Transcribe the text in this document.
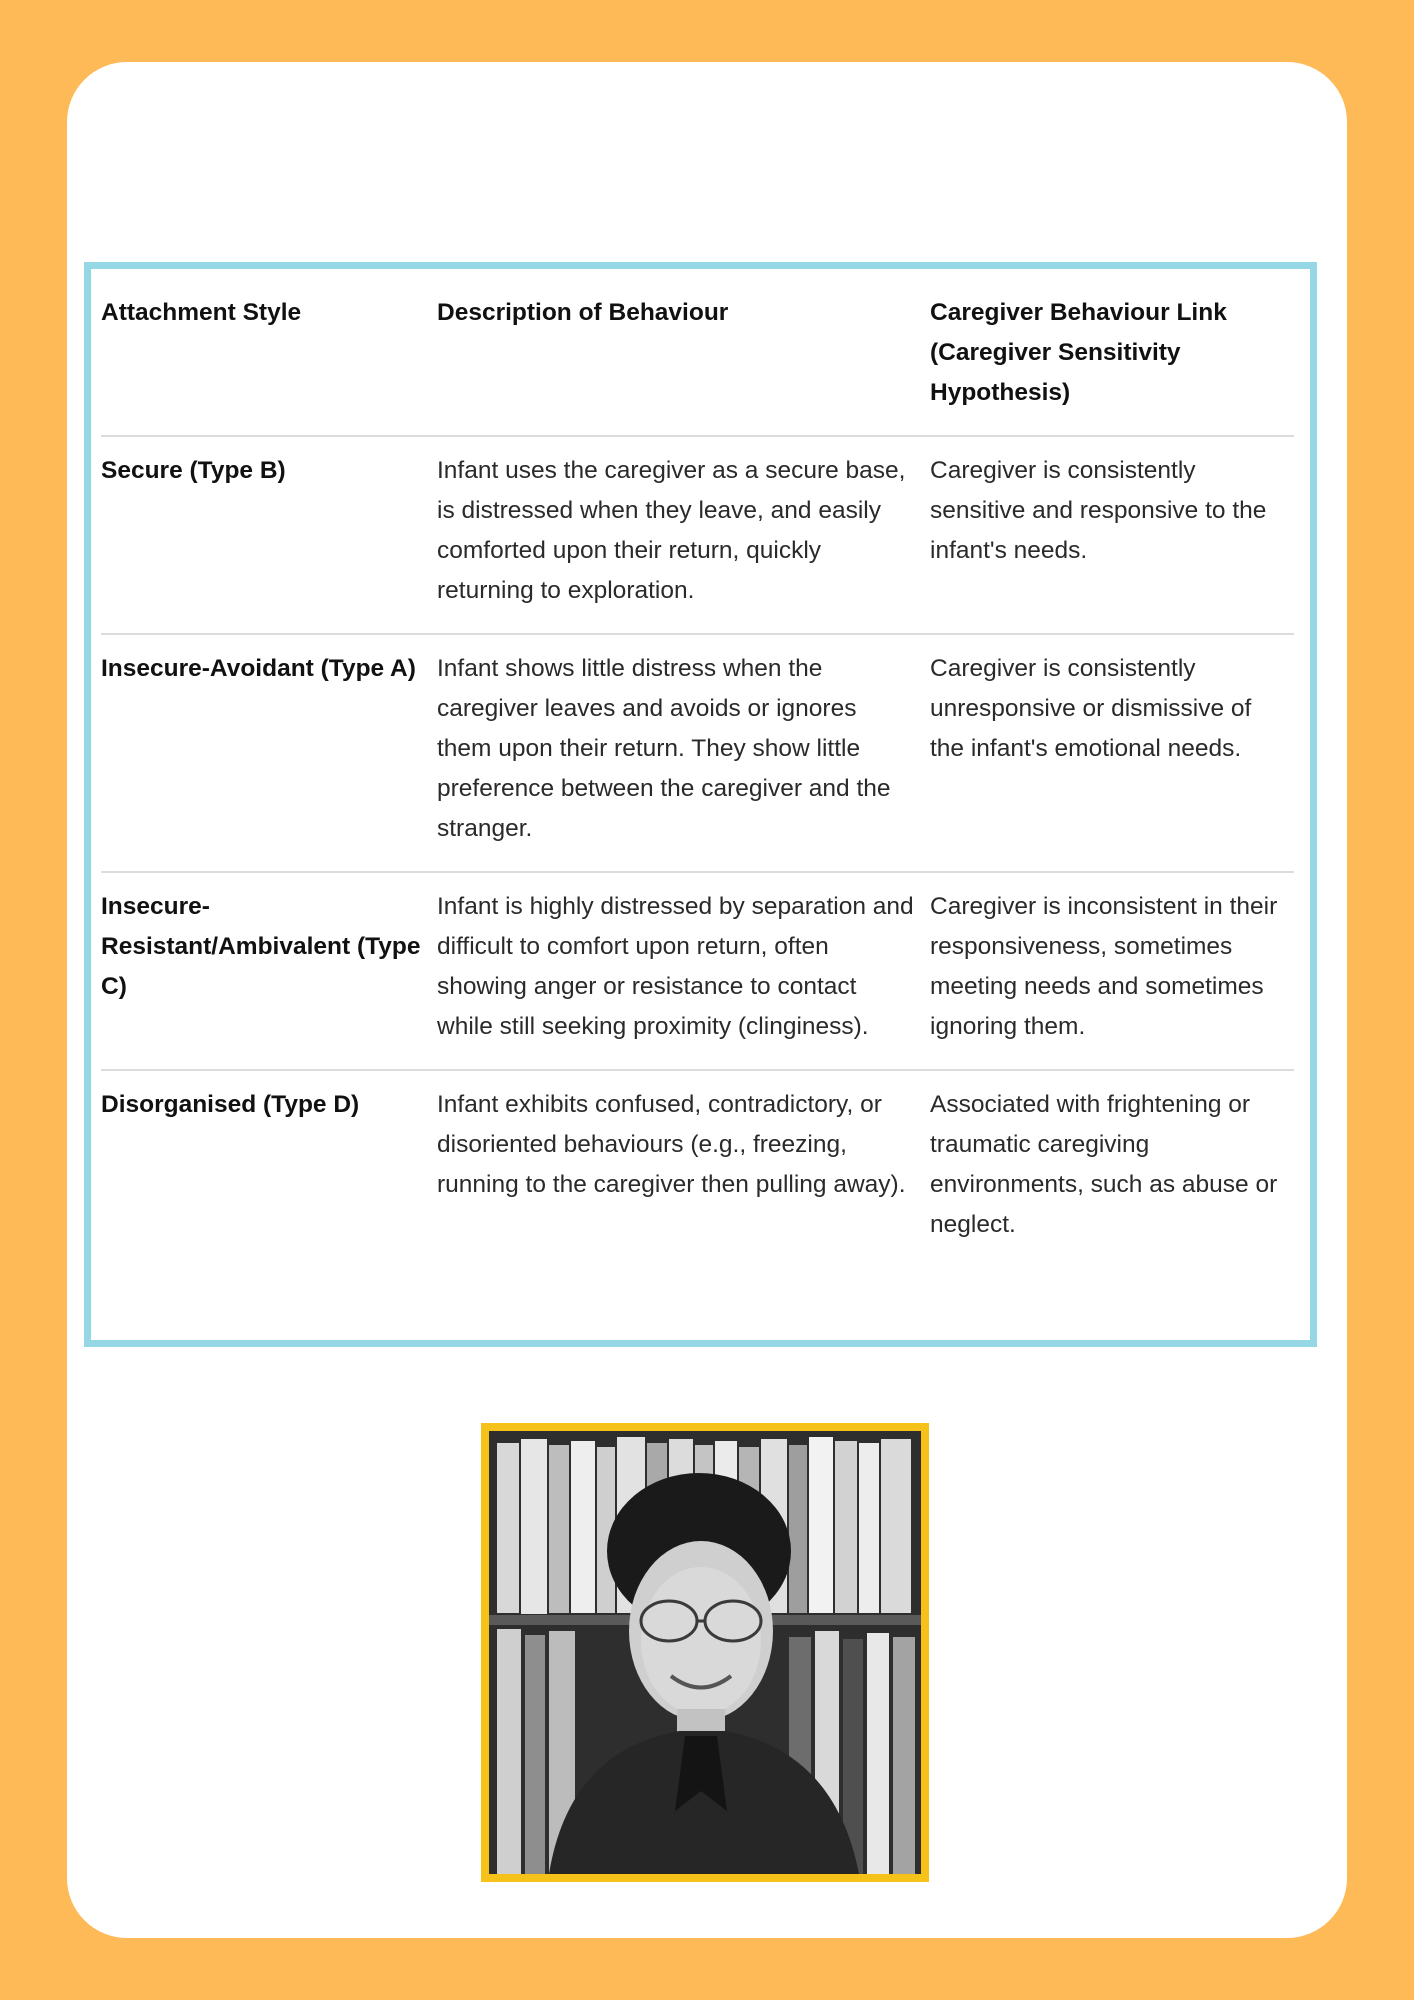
Attachment Style	Description of Behaviour	Caregiver Behaviour Link (Caregiver Sensitivity Hypothesis)
Secure (Type B)	Infant uses the caregiver as a secure base, is distressed when they leave, and easily comforted upon their return, quickly returning to exploration.	Caregiver is consistently sensitive and responsive to the infant's needs.
Insecure-Avoidant (Type A)	Infant shows little distress when the caregiver leaves and avoids or ignores them upon their return. They show little preference between the caregiver and the stranger.	Caregiver is consistently unresponsive or dismissive of the infant's emotional needs.
Insecure-Resistant/Ambivalent (Type C)	Infant is highly distressed by separation and difficult to comfort upon return, often showing anger or resistance to contact while still seeking proximity (clinginess).	Caregiver is inconsistent in their responsiveness, sometimes meeting needs and sometimes ignoring them.
Disorganised (Type D)	Infant exhibits confused, contradictory, or disoriented behaviours (e.g., freezing, running to the caregiver then pulling away).	Associated with frightening or traumatic caregiving environments, such as abuse or neglect.
